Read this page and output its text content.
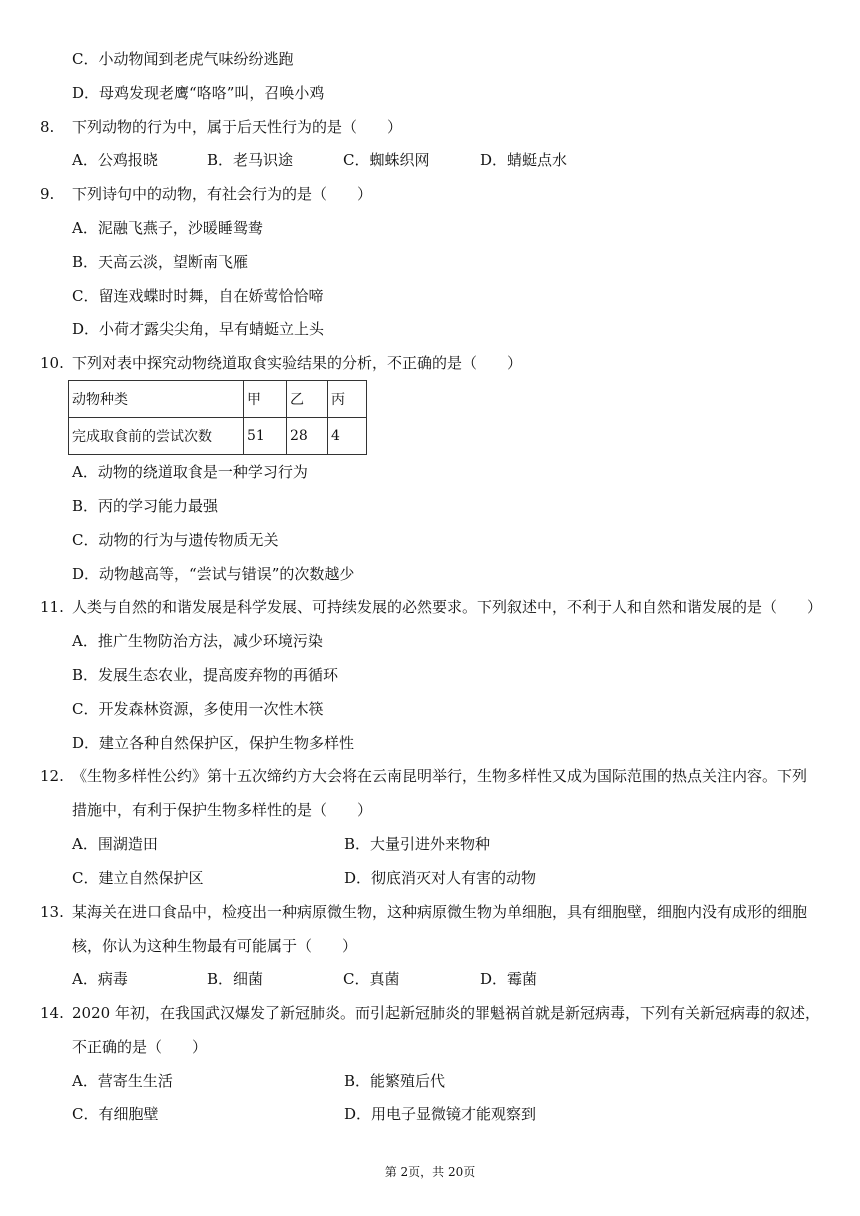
C．小动物闻到老虎气味纷纷逃跑
D．母鸡发现老鹰“咯咯”叫，召唤小鸡
8. 下列动物的行为中，属于后天性行为的是（　　）
A．公鸡报晓	B．老马识途	C．蜘蛛织网	D．蜻蜓点水
9. 下列诗句中的动物，有社会行为的是（　　）
A．泥融飞燕子，沙暖睡鸳鸯
B．天高云淡，望断南飞雁
C．留连戏蝶时时舞，自在娇莺恰恰啼
D．小荷才露尖尖角，早有蜻蜓立上头
10. 下列对表中探究动物绕道取食实验结果的分析，不正确的是（　　）
动物种类	甲	乙	丙
完成取食前的尝试次数	51	28	4
A．动物的绕道取食是一种学习行为
B．丙的学习能力最强
C．动物的行为与遗传物质无关
D．动物越高等，“尝试与错误”的次数越少
11. 人类与自然的和谐发展是科学发展、可持续发展的必然要求。下列叙述中，不利于人和自然和谐发展的是（　　）
A．推广生物防治方法，减少环境污染
B．发展生态农业，提高废弃物的再循环
C．开发森林资源，多使用一次性木筷
D．建立各种自然保护区，保护生物多样性
12. 《生物多样性公约》第十五次缔约方大会将在云南昆明举行，生物多样性又成为国际范围的热点关注内容。下列
措施中，有利于保护生物多样性的是（　　）
A．围湖造田	B．大量引进外来物种
C．建立自然保护区	D．彻底消灭对人有害的动物
13. 某海关在进口食品中，检疫出一种病原微生物，这种病原微生物为单细胞，具有细胞壁，细胞内没有成形的细胞
核，你认为这种生物最有可能属于（　　）
A．病毒	B．细菌	C．真菌	D．霉菌
14. 2020 年初，在我国武汉爆发了新冠肺炎。而引起新冠肺炎的罪魁祸首就是新冠病毒，下列有关新冠病毒的叙述，
不正确的是（　　）
A．营寄生生活	B．能繁殖后代
C．有细胞壁	D．用电子显微镜才能观察到
第 2页，共 20页
